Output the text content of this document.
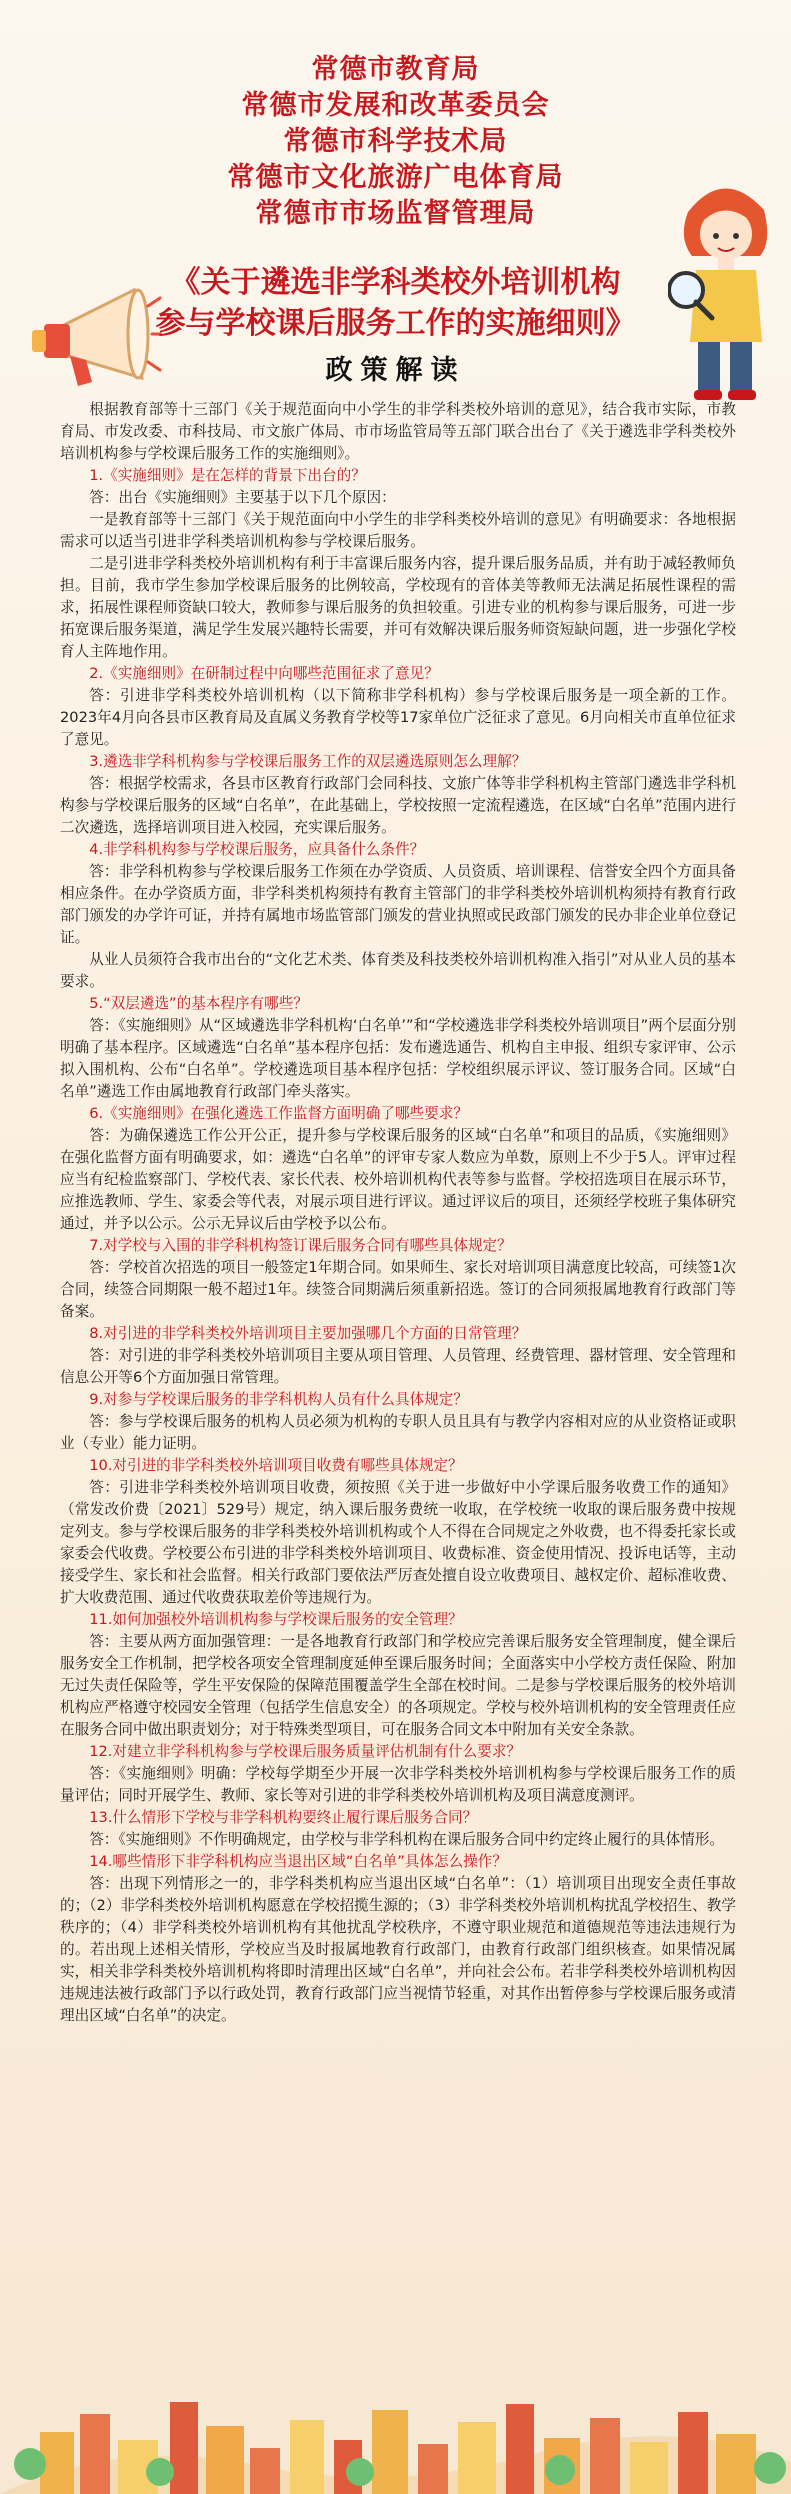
常德市教育局
常德市发展和改革委员会
常德市科学技术局
常德市文化旅游广电体育局
常德市市场监督管理局
《关于遴选非学科类校外培训机构
参与学校课后服务工作的实施细则》
政策解读

根据教育部等十三部门《关于规范面向中小学生的非学科类校外培训的意见》，结合我市实际，市教育局、市发改委、市科技局、市文旅广体局、市市场监管局等五部门联合出台了《关于遴选非学科类校外培训机构参与学校课后服务工作的实施细则》。

1.《实施细则》是在怎样的背景下出台的？

答：出台《实施细则》主要基于以下几个原因：

一是教育部等十三部门《关于规范面向中小学生的非学科类校外培训的意见》有明确要求：各地根据需求可以适当引进非学科类培训机构参与学校课后服务。

二是引进非学科类校外培训机构有利于丰富课后服务内容，提升课后服务品质，并有助于减轻教师负担。目前，我市学生参加学校课后服务的比例较高，学校现有的音体美等教师无法满足拓展性课程的需求，拓展性课程师资缺口较大，教师参与课后服务的负担较重。引进专业的机构参与课后服务，可进一步拓宽课后服务渠道，满足学生发展兴趣特长需要，并可有效解决课后服务师资短缺问题，进一步强化学校育人主阵地作用。

2.《实施细则》在研制过程中向哪些范围征求了意见？

答：引进非学科类校外培训机构（以下简称非学科机构）参与学校课后服务是一项全新的工作。2023年4月向各县市区教育局及直属义务教育学校等17家单位广泛征求了意见。6月向相关市直单位征求了意见。

3.遴选非学科机构参与学校课后服务工作的双层遴选原则怎么理解？

答：根据学校需求，各县市区教育行政部门会同科技、文旅广体等非学科机构主管部门遴选非学科机构参与学校课后服务的区域“白名单”，在此基础上，学校按照一定流程遴选，在区域“白名单”范围内进行二次遴选，选择培训项目进入校园，充实课后服务。

4.非学科机构参与学校课后服务，应具备什么条件？

答：非学科机构参与学校课后服务工作须在办学资质、人员资质、培训课程、信誉安全四个方面具备相应条件。在办学资质方面，非学科类机构须持有教育主管部门的非学科类校外培训机构须持有教育行政部门颁发的办学许可证，并持有属地市场监管部门颁发的营业执照或民政部门颁发的民办非企业单位登记证。

从业人员须符合我市出台的“文化艺术类、体育类及科技类校外培训机构准入指引”对从业人员的基本要求。

5.“双层遴选”的基本程序有哪些？

答：《实施细则》从“区域遴选非学科机构‘白名单’”和“学校遴选非学科类校外培训项目”两个层面分别明确了基本程序。区域遴选“白名单”基本程序包括：发布遴选通告、机构自主申报、组织专家评审、公示拟入围机构、公布“白名单”。学校遴选项目基本程序包括：学校组织展示评议、签订服务合同。区域“白名单”遴选工作由属地教育行政部门牵头落实。

6.《实施细则》在强化遴选工作监督方面明确了哪些要求？

答：为确保遴选工作公开公正，提升参与学校课后服务的区域“白名单”和项目的品质，《实施细则》在强化监督方面有明确要求，如：遴选“白名单”的评审专家人数应为单数，原则上不少于5人。评审过程应当有纪检监察部门、学校代表、家长代表、校外培训机构代表等参与监督。学校招选项目在展示环节，应推选教师、学生、家委会等代表，对展示项目进行评议。通过评议后的项目，还须经学校班子集体研究通过，并予以公示。公示无异议后由学校予以公布。

7.对学校与入围的非学科机构签订课后服务合同有哪些具体规定？

答：学校首次招选的项目一般签定1年期合同。如果师生、家长对培训项目满意度比较高，可续签1次合同，续签合同期限一般不超过1年。续签合同期满后须重新招选。签订的合同须报属地教育行政部门等备案。

8.对引进的非学科类校外培训项目主要加强哪几个方面的日常管理？

答：对引进的非学科类校外培训项目主要从项目管理、人员管理、经费管理、器材管理、安全管理和信息公开等6个方面加强日常管理。

9.对参与学校课后服务的非学科机构人员有什么具体规定？

答：参与学校课后服务的机构人员必须为机构的专职人员且具有与教学内容相对应的从业资格证或职业（专业）能力证明。

10.对引进的非学科类校外培训项目收费有哪些具体规定？

答：引进非学科类校外培训项目收费，须按照《关于进一步做好中小学课后服务收费工作的通知》（常发改价费〔2021〕529号）规定，纳入课后服务费统一收取，在学校统一收取的课后服务费中按规定列支。参与学校课后服务的非学科类校外培训机构或个人不得在合同规定之外收费，也不得委托家长或家委会代收费。学校要公布引进的非学科类校外培训项目、收费标准、资金使用情况、投诉电话等，主动接受学生、家长和社会监督。相关行政部门要依法严厉查处擅自设立收费项目、越权定价、超标准收费、扩大收费范围、通过代收费获取差价等违规行为。

11.如何加强校外培训机构参与学校课后服务的安全管理？

答：主要从两方面加强管理：一是各地教育行政部门和学校应完善课后服务安全管理制度，健全课后服务安全工作机制，把学校各项安全管理制度延伸至课后服务时间；全面落实中小学校方责任保险、附加无过失责任保险等，学生平安保险的保障范围覆盖学生全部在校时间。二是参与学校课后服务的校外培训机构应严格遵守校园安全管理（包括学生信息安全）的各项规定。学校与校外培训机构的安全管理责任应在服务合同中做出职责划分；对于特殊类型项目，可在服务合同文本中附加有关安全条款。

12.对建立非学科机构参与学校课后服务质量评估机制有什么要求？

答：《实施细则》明确：学校每学期至少开展一次非学科类校外培训机构参与学校课后服务工作的质量评估；同时开展学生、教师、家长等对引进的非学科类校外培训机构及项目满意度测评。

13.什么情形下学校与非学科机构要终止履行课后服务合同？

答：《实施细则》不作明确规定，由学校与非学科机构在课后服务合同中约定终止履行的具体情形。

14.哪些情形下非学科机构应当退出区域“白名单”具体怎么操作？

答：出现下列情形之一的，非学科类机构应当退出区域“白名单”：（1）培训项目出现安全责任事故的；（2）非学科类校外培训机构愿意在学校招揽生源的；（3）非学科类校外培训机构扰乱学校招生、教学秩序的；（4）非学科类校外培训机构有其他扰乱学校秩序，不遵守职业规范和道德规范等违法违规行为的。若出现上述相关情形，学校应当及时报属地教育行政部门，由教育行政部门组织核查。如果情况属实，相关非学科类校外培训机构将即时清理出区域“白名单”，并向社会公布。若非学科类校外培训机构因违规违法被行政部门予以行政处罚，教育行政部门应当视情节轻重，对其作出暂停参与学校课后服务或清理出区域“白名单”的决定。
